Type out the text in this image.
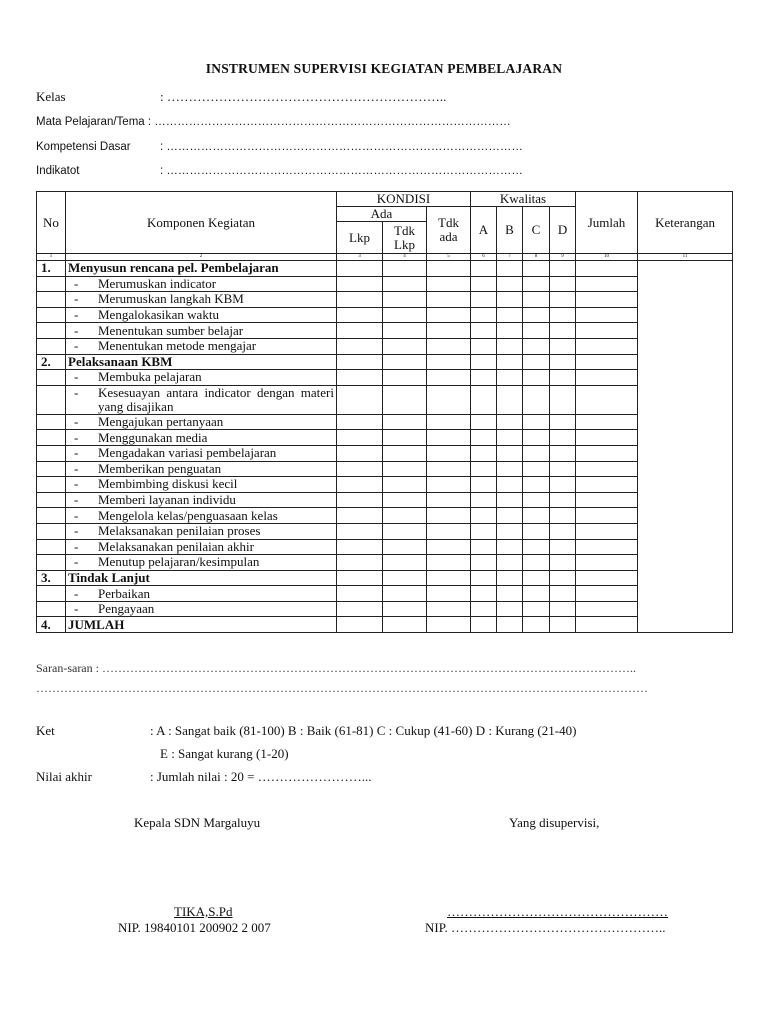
INSTRUMEN SUPERVISI KEGIATAN PEMBELAJARAN
Kelas	: ………………………………………………………..
Mata Pelajaran/Tema : …………………………………………………………………………………
Kompetensi Dasar	: …………………………………………………………………………………
Indikatot	: …………………………………………………………………………………
No	Komponen Kegiatan	KONDISI			Kwalitas				Jumlah	Keterangan
		Ada		Tdk ada	A	B	C	D		
		Lkp	Tdk Lkp							
1	2	3	4	5	6	7	8	9	10	11
1.	Menyusun rencana pel. Pembelajaran									

	- Merumuskan indicator									

	- Merumuskan langkah KBM									

	- Mengalokasikan waktu									

	- Menentukan sumber belajar									

	- Menentukan metode mengajar									

2.	Pelaksanaan KBM									

	- Membuka pelajaran									

	- Kesesuayan antara indicator dengan materi yang disajikan									

	- Mengajukan pertanyaan									

	- Menggunakan media									

	- Mengadakan variasi pembelajaran									

	- Memberikan penguatan									

	- Membimbing diskusi kecil									

	- Memberi layanan individu									

	- Mengelola kelas/penguasaan kelas									

	- Melaksanakan penilaian proses									

	- Melaksanakan penilaian akhir									

	- Menutup pelajaran/kesimpulan									

3.	Tindak Lanjut									

	- Perbaikan									

	- Pengayaan									

4.	JUMLAH									
Saran-saran : ……………………………………………………………………………………………………………………..
………………………………………………………………………………………………………………………………………
Ket	: A : Sangat baik (81-100) B : Baik (61-81) C : Cukup (41-60) D : Kurang (21-40)
E : Sangat kurang (1-20)
Nilai akhir	: Jumlah nilai : 20 = ……………………...
Kepala SDN Margaluyu	Yang disupervisi,
TIKA,S.Pd
NIP. 19840101 200902 2 007
……………………………………………
NIP. …………………………………………..
